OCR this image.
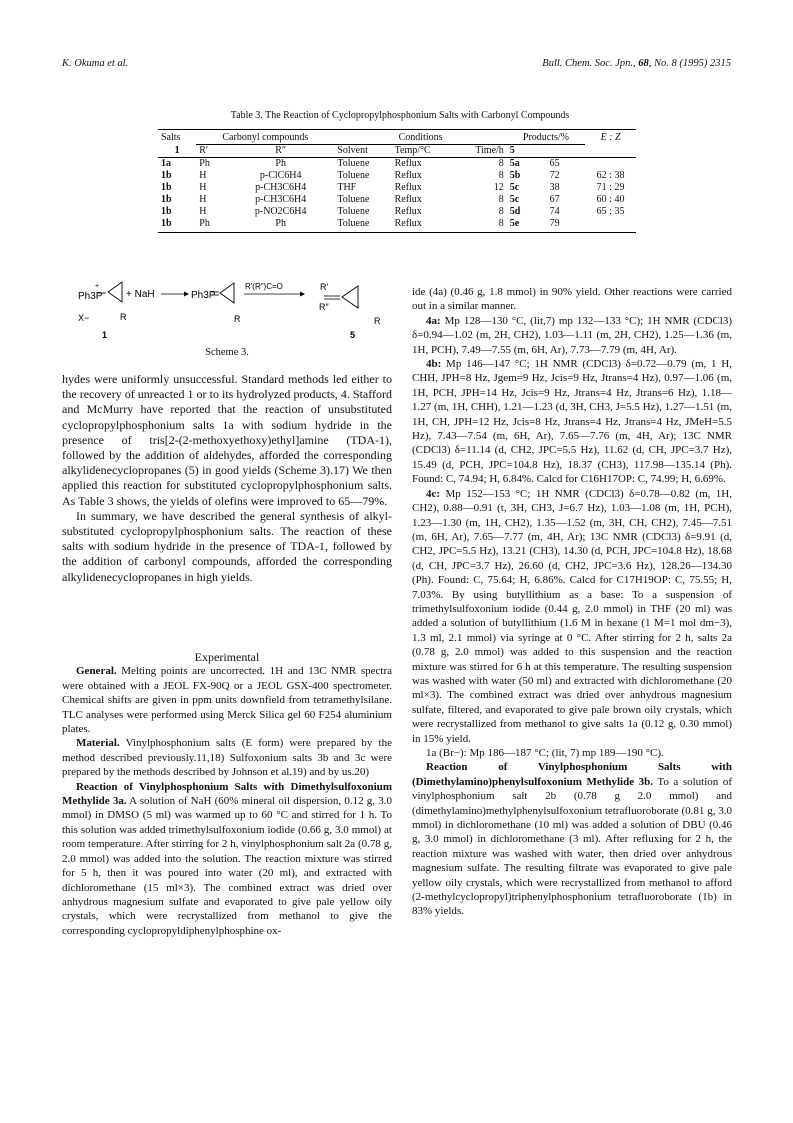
K. Okuma et al.	Bull. Chem. Soc. Jpn., 68, No. 8 (1995) 2315
Table 3. The Reaction of Cyclopropylphosphonium Salts with Carbonyl Compounds
Salts	Carbonyl compounds		Conditions			Products/%		E : Z
1	R′	R″	Solvent	Temp/°C	Time/h	5		
1a	Ph	Ph	Toluene	Reflux	8	5a	65	
1b	H	p-ClC6H4	Toluene	Reflux	8	5b	72	62 : 38
1b	H	p-CH3C6H4	THF	Reflux	12	5c	38	71 : 29
1b	H	p-CH3C6H4	Toluene	Reflux	8	5c	67	60 : 40
1b	H	p-NO2C6H4	Toluene	Reflux	8	5d	74	65 : 35
1b	Ph	Ph	Toluene	Reflux	8	5e	79	
Ph3P
+
+ NaH	Ph3P
R′(R″)C=O	R′
R″
X−	R	R	R
1	5
Scheme 3.

hydes were uniformly unsuccessful. Standard methods led either to the recovery of unreacted 1 or to its hydrolyzed products, 4. Stafford and McMurry have reported that the reaction of unsubstituted cyclopropylphosphonium salts 1a with sodium hydride in the presence of tris[2-(2-methoxyethoxy)ethyl]amine (TDA-1), followed by the addition of aldehydes, afforded the corresponding alkylidenecyclopropanes (5) in good yields (Scheme 3).17) We then applied this reaction for substituted cyclopropylphosphonium salts. As Table 3 shows, the yields of olefins were improved to 65—79%.

In summary, we have described the general synthesis of alkyl-substituted cyclopropylphosphonium salts. The reaction of these salts with sodium hydride in the presence of TDA-1, followed by the addition of carbonyl compounds, afforded the corresponding alkylidenecyclopropanes in high yields.

Experimental

General. Melting points are uncorrected. 1H and 13C NMR spectra were obtained with a JEOL FX-90Q or a JEOL GSX-400 spectrometer. Chemical shifts are given in ppm units downfield from tetramethylsilane. TLC analyses were performed using Merck Silica gel 60 F254 aluminium plates.

Material. Vinylphosphonium salts (E form) were prepared by the method described previously.11,18) Sulfoxonium salts 3b and 3c were prepared by the methods described by Johnson et al.19) and by us.20)

Reaction of Vinylphosphonium Salts with Dimethylsulfoxonium Methylide 3a. A solution of NaH (60% mineral oil dispersion, 0.12 g, 3.0 mmol) in DMSO (5 ml) was warmed up to 60 °C and stirred for 1 h. To this solution was added trimethylsulfoxonium iodide (0.66 g, 3.0 mmol) at room temperature. After stirring for 2 h, vinylphosphonium salt 2a (0.78 g, 2.0 mmol) was added into the solution. The reaction mixture was stirred for 5 h, then it was poured into water (20 ml), and extracted with dichloromethane (15 ml×3). The combined extract was dried over anhydrous magnesium sulfate and evaporated to give pale yellow oily crystals, which were recrystallized from methanol to give the corresponding cyclopropyldiphenylphosphine ox-

ide (4a) (0.46 g, 1.8 mmol) in 90% yield. Other reactions were carried out in a similar manner.

4a: Mp 128—130 °C, (lit,7) mp 132—133 °C); 1H NMR (CDCl3) δ=0.94—1.02 (m, 2H, CH2), 1.03—1.11 (m, 2H, CH2), 1.25—1.36 (m, 1H, PCH), 7.49—7.55 (m, 6H, Ar), 7.73—7.79 (m, 4H, Ar).

4b: Mp 146—147 °C; 1H NMR (CDCl3) δ=0.72—0.79 (m, 1 H, CHH, JPH=8 Hz, Jgem=9 Hz, Jcis=9 Hz, Jtrans=4 Hz), 0.97—1.06 (m, 1H, PCH, JPH=14 Hz, Jcis=9 Hz, Jtrans=4 Hz, Jtrans=6 Hz), 1.18—1.27 (m, 1H, CHH), 1.21—1.23 (d, 3H, CH3, J=5.5 Hz), 1.27—1.51 (m, 1H, CH, JPH=12 Hz, Jcis=8 Hz, Jtrans=4 Hz, Jtrans=4 Hz, JMeH=5.5 Hz), 7.43—7.54 (m, 6H, Ar), 7.65—7.76 (m, 4H, Ar); 13C NMR (CDCl3) δ=11.14 (d, CH2, JPC=5.5 Hz), 11.62 (d, CH, JPC=3.7 Hz), 15.49 (d, PCH, JPC=104.8 Hz), 18.37 (CH3), 117.98—135.14 (Ph). Found: C, 74.94; H, 6.84%. Calcd for C16H17OP: C, 74.99; H, 6.69%.

4c: Mp 152—153 °C; 1H NMR (CDCl3) δ=0.78—0.82 (m, 1H, CH2), 0.88—0.91 (t, 3H, CH3, J=6.7 Hz), 1.03—1.08 (m, 1H, PCH), 1.23—1.30 (m, 1H, CH2), 1.35—1.52 (m, 3H, CH, CH2), 7.45—7.51 (m, 6H, Ar), 7.65—7.77 (m, 4H, Ar); 13C NMR (CDCl3) δ=9.91 (d, CH2, JPC=5.5 Hz), 13.21 (CH3), 14.30 (d, PCH, JPC=104.8 Hz), 18.68 (d, CH, JPC=3.7 Hz), 26.60 (d, CH2, JPC=3.6 Hz), 128.26—134.30 (Ph). Found: C, 75.64; H, 6.86%. Calcd for C17H19OP: C, 75.55; H, 7.03%. By using butyllithium as a base: To a suspension of trimethylsulfoxonium iodide (0.44 g, 2.0 mmol) in THF (20 ml) was added a solution of butyllithium (1.6 M in hexane (1 M=1 mol dm−3), 1.3 ml, 2.1 mmol) via syringe at 0 °C. After stirring for 2 h, salts 2a (0.78 g, 2.0 mmol) was added to this suspension and the reaction mixture was stirred for 6 h at this temperature. The resulting suspension was washed with water (50 ml) and extracted with dichloromethane (20 ml×3). The combined extract was dried over anhydrous magnesium sulfate, filtered, and evaporated to give pale brown oily crystals, which were recrystallized from methanol to give salts 1a (0.12 g, 0.30 mmol) in 15% yield.

1a (Br−): Mp 186—187 °C; (lit, 7) mp 189—190 °C).

Reaction of Vinylphosphonium Salts with (Dimethylamino)phenylsulfoxonium Methylide 3b. To a solution of vinylphosphonium salt 2b (0.78 g 2.0 mmol) and (dimethylamino)methylphenylsulfoxonium tetrafluoroborate (0.81 g, 3.0 mmol) in dichloromethane (10 ml) was added a solution of DBU (0.46 g, 3.0 mmol) in dichloromethane (3 ml). After refluxing for 2 h, the reaction mixture was washed with water, then dried over anhydrous magnesium sulfate. The resulting filtrate was evaporated to give pale yellow oily crystals, which were recrystallized from methanol to afford (2-methylcyclopropyl)triphenylphosphonium tetrafluoroborate (1b) in 83% yields.
